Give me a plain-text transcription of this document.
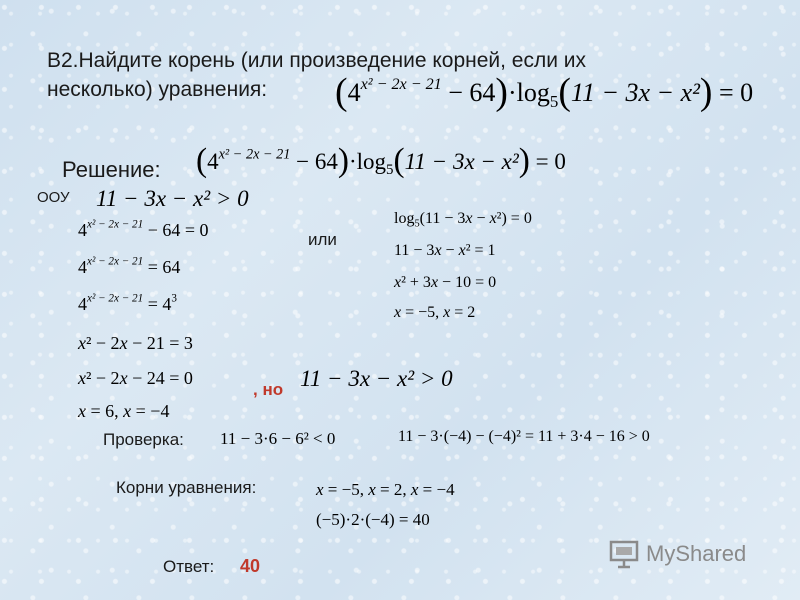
B2.Найдите корень (или произведение корней, если их
несколько) уравнения: $(4^{x^2 - 2x - 21} - 64)\cdot\log_5(11 - 3x - x^2) = 0$
Решение: $(4^{x^2 - 2x - 21} - 64)\cdot\log_5(11 - 3x - x^2) = 0$
ООУ 11 − 3x − x² > 0
$4^{x^2 - 2x - 21} - 64 = 0$
$4^{x^2 - 2x - 21} = 64$
$4^{x^2 - 2x - 21} = 4^3$
x² − 2x − 21 = 3
x² − 2x − 24 = 0
x = 6, x = −4
или
$\log_5(11 - 3x - x^2) = 0$
11 − 3x − x² = 1
x² + 3x − 10 = 0
x = −5, x = 2
, но 11 − 3x − x² > 0
Проверка: 11 − 3·6 − 6² < 0	11 − 3·(−4) − (−4)² = 11 + 3·4 − 16 > 0
Корни уравнения:	x = −5, x = 2, x = −4
(−5)·2·(−4) = 40
Ответ: 40	MyShared
